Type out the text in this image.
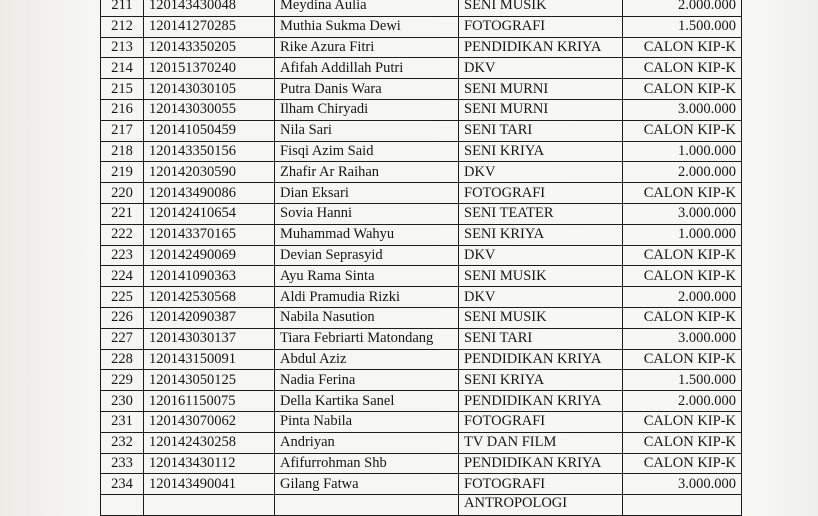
211	120143430048	Meydina Aulia	SENI MUSIK	2.000.000
212	120141270285	Muthia Sukma Dewi	FOTOGRAFI	1.500.000
213	120143350205	Rike Azura Fitri	PENDIDIKAN KRIYA	CALON KIP-K
214	120151370240	Afifah Addillah Putri	DKV	CALON KIP-K
215	120143030105	Putra Danis Wara	SENI MURNI	CALON KIP-K
216	120143030055	Ilham Chiryadi	SENI MURNI	3.000.000
217	120141050459	Nila Sari	SENI TARI	CALON KIP-K
218	120143350156	Fisqi Azim Said	SENI KRIYA	1.000.000
219	120142030590	Zhafir Ar Raihan	DKV	2.000.000
220	120143490086	Dian Eksari	FOTOGRAFI	CALON KIP-K
221	120142410654	Sovia Hanni	SENI TEATER	3.000.000
222	120143370165	Muhammad Wahyu	SENI KRIYA	1.000.000
223	120142490069	Devian Seprasyid	DKV	CALON KIP-K
224	120141090363	Ayu Rama Sinta	SENI MUSIK	CALON KIP-K
225	120142530568	Aldi Pramudia Rizki	DKV	2.000.000
226	120142090387	Nabila Nasution	SENI MUSIK	CALON KIP-K
227	120143030137	Tiara Febriarti Matondang	SENI TARI	3.000.000
228	120143150091	Abdul Aziz	PENDIDIKAN KRIYA	CALON KIP-K
229	120143050125	Nadia Ferina	SENI KRIYA	1.500.000
230	120161150075	Della Kartika Sanel	PENDIDIKAN KRIYA	2.000.000
231	120143070062	Pinta Nabila	FOTOGRAFI	CALON KIP-K
232	120142430258	Andriyan	TV DAN FILM	CALON KIP-K
233	120143430112	Afifurrohman Shb	PENDIDIKAN KRIYA	CALON KIP-K
234	120143490041	Gilang Fatwa	FOTOGRAFI	3.000.000
			ANTROPOLOGI	
